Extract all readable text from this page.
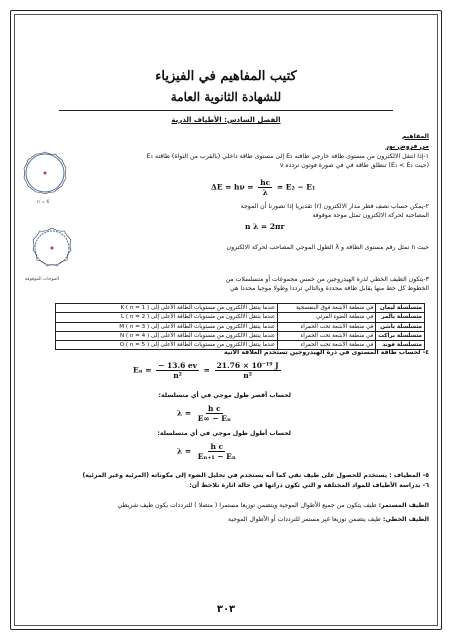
كتيب المفاهيم في الفيزياء
للشهادة الثانوية العامة
الفصل السادس: الأطياف الذرية
المفاهيم
من فروض بور
١-إذا انتقل الالكترون من مستوى طاقة خارجي طاقته E₂ إلى مستوى طاقة داخلي (بالقرب من النواة) طاقته E₁
(حيث E₁ < E₂) تنطلق طاقة في في صورة فوتون تردده ν
n = 6
$\Delta E = h\nu = \frac{hc}{\lambda} = E_2 - E_1$
٢-يمكن حساب نصف قطر مدار الالكترون (r) تقديريا إذا تصورنا أن الموجة
المصاحبة لحركة الالكترون تمثل موجة موقوفة
n λ = 2πr
الموجات الموقوفة
حيث n تمثل رقم مستوى الطاقة و λ الطول الموجي المصاحب لحركة الالكترون
٣-يتكون الطيف الخطي لذرة الهيدروجين من خمس مجموعات أو متسلسلات من
الخطوط كل خط منها يقابل طاقة محددة وبالتالي ترددا وطولا موجيا محددا هي
متسلسلة ليمان	في منطقة الأشعة فوق البنفسجية	عندما ينتقل الالكترون من مستويات الطاقة الأعلى إلى K ( n = 1 )
متسلسلة بالمر	في منطقة الضوء المرئي	عندما ينتقل الالكترون من مستويات الطاقة الأعلى إلى L ( n = 2 )
متسلسلة باشن	في منطقة الأشعة تحت الحمراء	عندما ينتقل الالكترون من مستويات الطاقة الأعلى إلى M ( n = 3 )
متسلسلة براكت	في منطقة الأشعة تحت الحمراء	عندما ينتقل الالكترون من مستويات الطاقة الأعلى إلى N ( n = 4 )
متسلسلة فوند	في منطقة الأشعة تحت الحمراء	عندما ينتقل الالكترون من مستويات الطاقة الأعلى إلى O ( n = 5 )
٤- لحساب طاقة المستوى في ذرة الهيدروجين تستخدم العلاقة الآتية
$E_n = \frac{- 13.6 ev}{\text{n²}} = \frac{\text{21.76 × 10⁻¹⁹ J}}{\text{n²}}$
لحساب أقصر طول موجي في أي متسلسلة:
$\lambda = \frac{\text{h c}}{\text{E∞ − Eₙ}}$
لحساب أطول طول موجي في أي متسلسلة:
$\lambda = \frac{\text{h c}}{\text{Eₙ₊₁ − Eₙ}}$
٥- المطياف : يستخدم للحصول على طيف نقي كما أنه يستخدم في تحليل الضوء إلى مكوناته (المرئية وغير المرئية)
٦- بدراسة الأطياف للمواد المختلفة و التي تكون ذراتها في حالة اثارة نلاحظ أن:
الطيف المستمر: طيف يتكون من جميع الأطوال الموجية ويتضمن توزيعا مستمرا ( متصلا ) للترددات يكون طيف شريطي
الطيف الخطي: طيف يتضمن توزيعا غير مستمر للترددات أو الأطوال الموجية
٣٠٣
